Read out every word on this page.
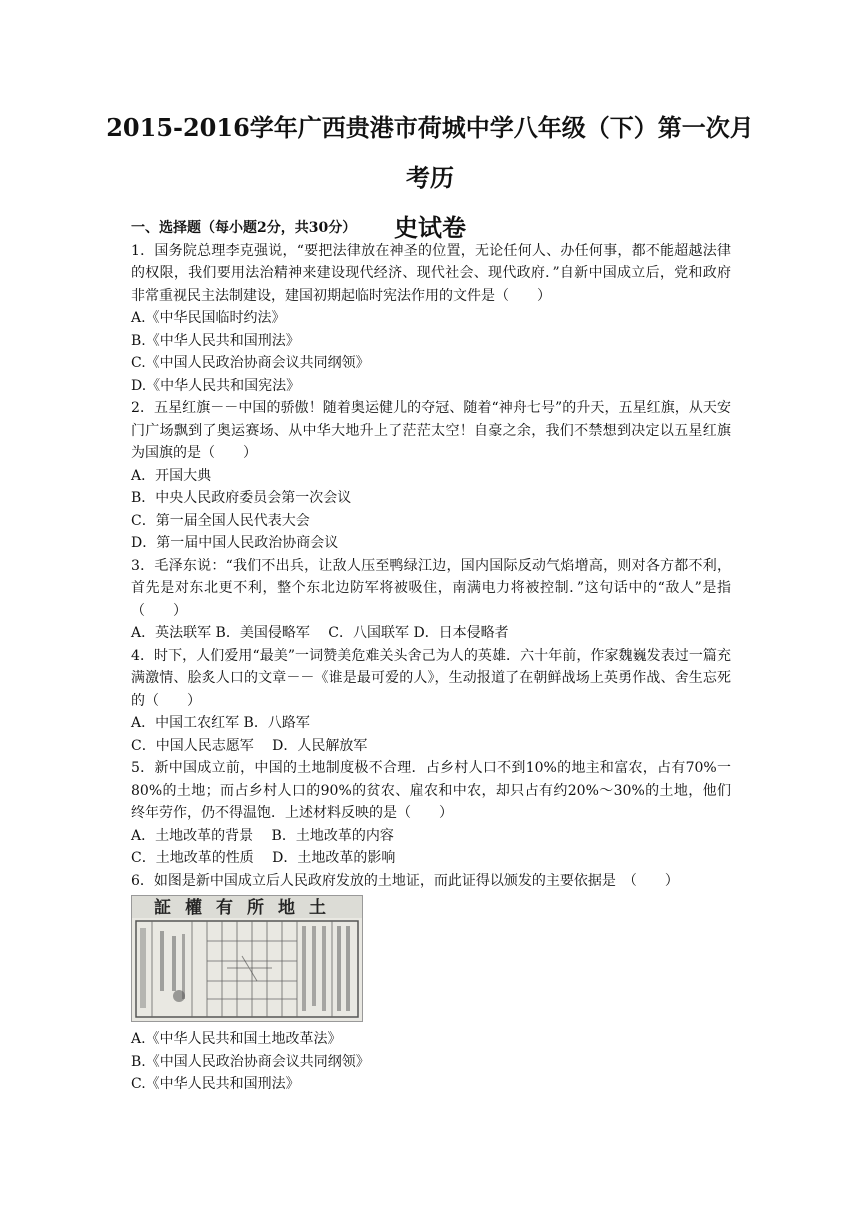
2015-2016学年广西贵港市荷城中学八年级（下）第一次月考历
史试卷
一、选择题（每小题2分，共30分）

1．国务院总理李克强说，“要把法律放在神圣的位置，无论任何人、办任何事，都不能超越法律的权限，我们要用法治精神来建设现代经济、现代社会、现代政府．”自新中国成立后，党和政府非常重视民主法制建设，建国初期起临时宪法作用的文件是（　　）

A.《中华民国临时约法》

B.《中华人民共和国刑法》

C.《中国人民政治协商会议共同纲领》

D.《中华人民共和国宪法》

2．五星红旗－－中国的骄傲！随着奥运健儿的夺冠、随着“神舟七号”的升天，五星红旗，从天安门广场飘到了奥运赛场、从中华大地升上了茫茫太空！自豪之余，我们不禁想到决定以五星红旗为国旗的是（　　）

A．开国大典

B．中央人民政府委员会第一次会议

C．第一届全国人民代表大会

D．第一届中国人民政治协商会议

3．毛泽东说：“我们不出兵，让敌人压至鸭绿江边，国内国际反动气焰增高，则对各方都不利，首先是对东北更不利，整个东北边防军将被吸住，南满电力将被控制．”这句话中的“敌人”是指（　　）

A．英法联军 B．美国侵略军　 C．八国联军 D．日本侵略者

4．时下，人们爱用“最美”一词赞美危难关头舍己为人的英雄．六十年前，作家魏巍发表过一篇充满激情、脍炙人口的文章－－《谁是最可爱的人》，生动报道了在朝鲜战场上英勇作战、舍生忘死的（　　）

A．中国工农红军 B．八路军

C．中国人民志愿军　 D．人民解放军

5．新中国成立前，中国的土地制度极不合理．占乡村人口不到10%的地主和富农，占有70%一80%的土地；而占乡村人口的90%的贫农、雇农和中农，却只占有约20%～30%的土地，他们终年劳作，仍不得温饱．上述材料反映的是（　　）

A．土地改革的背景　 B．土地改革的内容

C．土地改革的性质　 D．土地改革的影响

6．如图是新中国成立后人民政府发放的土地证，而此证得以颁发的主要依据是　（　　）

証權有所地土

A.《中华人民共和国土地改革法》

B.《中国人民政治协商会议共同纲领》

C.《中华人民共和国刑法》
